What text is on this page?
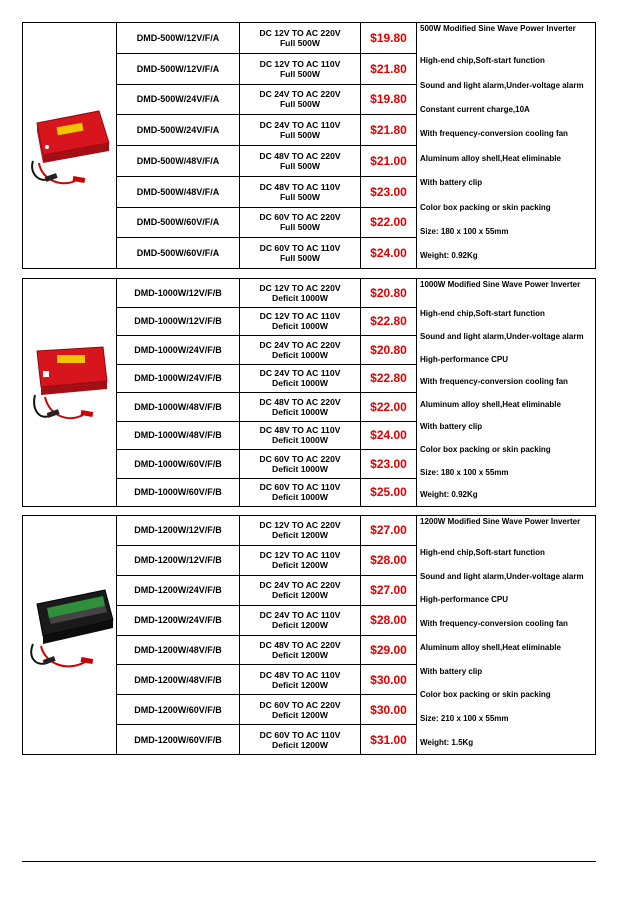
DMD-500W/12V/F/A	DC 12V TO AC 220V
Full 500W	$19.80
DMD-500W/12V/F/A	DC 12V TO AC 110V
Full 500W	$21.80
DMD-500W/24V/F/A	DC 24V TO AC 220V
Full 500W	$19.80
DMD-500W/24V/F/A	DC 24V TO AC 110V
Full 500W	$21.80
DMD-500W/48V/F/A	DC 48V TO AC 220V
Full 500W	$21.00
DMD-500W/48V/F/A	DC 48V TO AC 110V
Full 500W	$23.00
DMD-500W/60V/F/A	DC 60V TO AC 220V
Full 500W	$22.00
DMD-500W/60V/F/A	DC 60V TO AC 110V
Full 500W	$24.00
500W Modified Sine Wave Power Inverter
High-end chip,Soft-start function
Sound and light alarm,Under-voltage alarm
Constant current charge,10A
With frequency-conversion cooling fan
Aluminum alloy shell,Heat eliminable
With battery clip
Color box packing or skin packing
Size: 180 x 100 x 55mm
Weight: 0.92Kg
DMD-1000W/12V/F/B	DC 12V TO AC 220V
Deficit 1000W	$20.80
DMD-1000W/12V/F/B	DC 12V TO AC 110V
Deficit 1000W	$22.80
DMD-1000W/24V/F/B	DC 24V TO AC 220V
Deficit 1000W	$20.80
DMD-1000W/24V/F/B	DC 24V TO AC 110V
Deficit 1000W	$22.80
DMD-1000W/48V/F/B	DC 48V TO AC 220V
Deficit 1000W	$22.00
DMD-1000W/48V/F/B	DC 48V TO AC 110V
Deficit 1000W	$24.00
DMD-1000W/60V/F/B	DC 60V TO AC 220V
Deficit 1000W	$23.00
DMD-1000W/60V/F/B	DC 60V TO AC 110V
Deficit 1000W	$25.00
1000W Modified Sine Wave Power Inverter
High-end chip,Soft-start function
Sound and light alarm,Under-voltage alarm
High-performance CPU
With frequency-conversion cooling fan
Aluminum alloy shell,Heat eliminable
With battery clip
Color box packing or skin packing
Size: 180 x 100 x 55mm
Weight: 0.92Kg
DMD-1200W/12V/F/B	DC 12V TO AC 220V
Deficit 1200W	$27.00
DMD-1200W/12V/F/B	DC 12V TO AC 110V
Deficit 1200W	$28.00
DMD-1200W/24V/F/B	DC 24V TO AC 220V
Deficit 1200W	$27.00
DMD-1200W/24V/F/B	DC 24V TO AC 110V
Deficit 1200W	$28.00
DMD-1200W/48V/F/B	DC 48V TO AC 220V
Deficit 1200W	$29.00
DMD-1200W/48V/F/B	DC 48V TO AC 110V
Deficit 1200W	$30.00
DMD-1200W/60V/F/B	DC 60V TO AC 220V
Deficit 1200W	$30.00
DMD-1200W/60V/F/B	DC 60V TO AC 110V
Deficit 1200W	$31.00
1200W Modified Sine Wave Power Inverter
High-end chip,Soft-start function
Sound and light alarm,Under-voltage alarm
High-performance CPU
With frequency-conversion cooling fan
Aluminum alloy shell,Heat eliminable
With battery clip
Color box packing or skin packing
Size: 210 x 100 x 55mm
Weight: 1.5Kg
